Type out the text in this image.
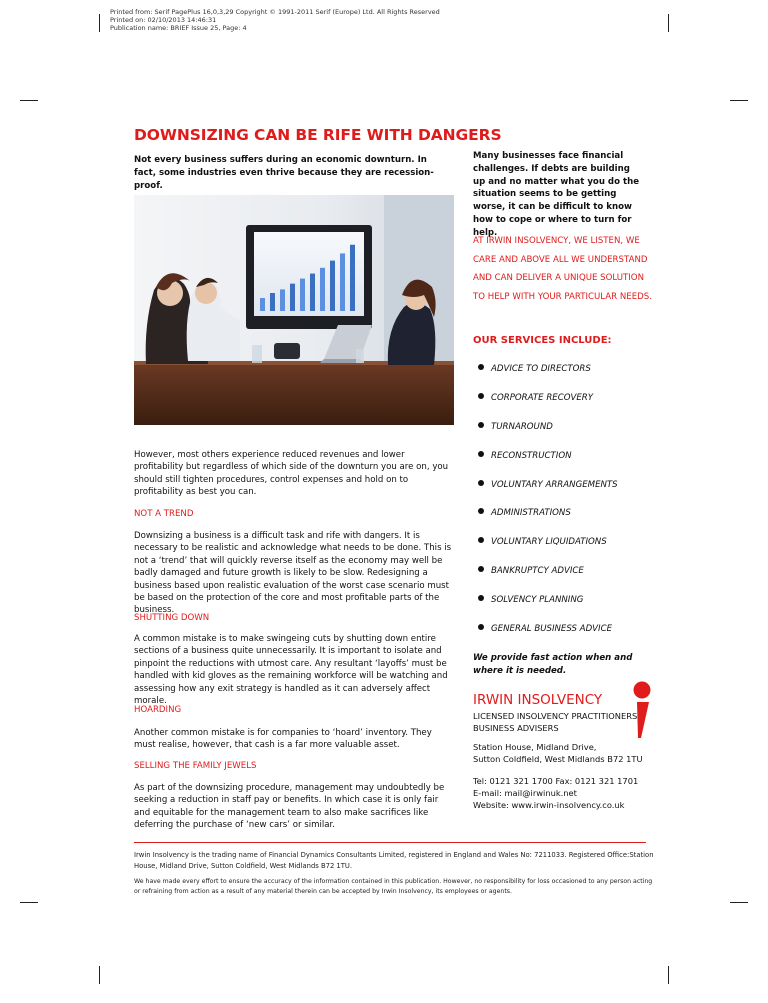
Printed from: Serif PagePlus 16,0,3,29 Copyright © 1991-2011 Serif (Europe) Ltd. All Rights Reserved
Printed on: 02/10/2013 14:46:31
Publication name: BRIEF Issue 25, Page: 4
DOWNSIZING CAN BE RIFE WITH DANGERS
Not every business suffers during an economic downturn. In fact, some industries even thrive because they are recession-proof.
However, most others experience reduced revenues and lower profitability but regardless of which side of the downturn you are on, you should still tighten procedures, control expenses and hold on to profitability as best you can.
NOT A TREND
Downsizing a business is a difficult task and rife with dangers. It is necessary to be realistic and acknowledge what needs to be done. This is not a ‘trend’ that will quickly reverse itself as the economy may well be badly damaged and future growth is likely to be slow. Redesigning a business based upon realistic evaluation of the worst case scenario must be based on the protection of the core and most profitable parts of the business.
SHUTTING DOWN
A common mistake is to make swingeing cuts by shutting down entire sections of a business quite unnecessarily. It is important to isolate and pinpoint the reductions with utmost care. Any resultant ‘layoffs’ must be handled with kid gloves as the remaining workforce will be watching and assessing how any exit strategy is handled as it can adversely affect morale.
HOARDING
Another common mistake is for companies to ‘hoard’ inventory. They must realise, however, that cash is a far more valuable asset.
SELLING THE FAMILY JEWELS
As part of the downsizing procedure, management may undoubtedly be seeking a reduction in staff pay or benefits. In which case it is only fair and equitable for the management team to also make sacrifices like deferring the purchase of ‘new cars’ or similar.
Many businesses face financial challenges. If debts are building up and no matter what you do the situation seems to be getting worse, it can be difficult to know how to cope or where to turn for help.
AT IRWIN INSOLVENCY, WE LISTEN, WE CARE AND ABOVE ALL WE UNDERSTAND AND CAN DELIVER A UNIQUE SOLUTION TO HELP WITH YOUR PARTICULAR NEEDS.
OUR SERVICES INCLUDE:
ADVICE TO DIRECTORS
CORPORATE RECOVERY
TURNAROUND
RECONSTRUCTION
VOLUNTARY ARRANGEMENTS
ADMINISTRATIONS
VOLUNTARY LIQUIDATIONS
BANKRUPTCY ADVICE
SOLVENCY PLANNING
GENERAL BUSINESS ADVICE
We provide fast action when and where it is needed.
IRWIN INSOLVENCY
LICENSED INSOLVENCY PRACTITIONERS
BUSINESS ADVISERS
Station House, Midland Drive,
Sutton Coldfield, West Midlands B72 1TU
Tel: 0121 321 1700 Fax: 0121 321 1701
E-mail: mail@irwinuk.net
Website: www.irwin-insolvency.co.uk
Irwin Insolvency is the trading name of Financial Dynamics Consultants Limited, registered in England and Wales No: 7211033. Registered Office:Station House, Midland Drive, Sutton Coldfield, West Midlands B72 1TU.
We have made every effort to ensure the accuracy of the information contained in this publication. However, no responsibility for loss occasioned to any person acting or refraining from action as a result of any material therein can be accepted by Irwin Insolvency, its employees or agents.
